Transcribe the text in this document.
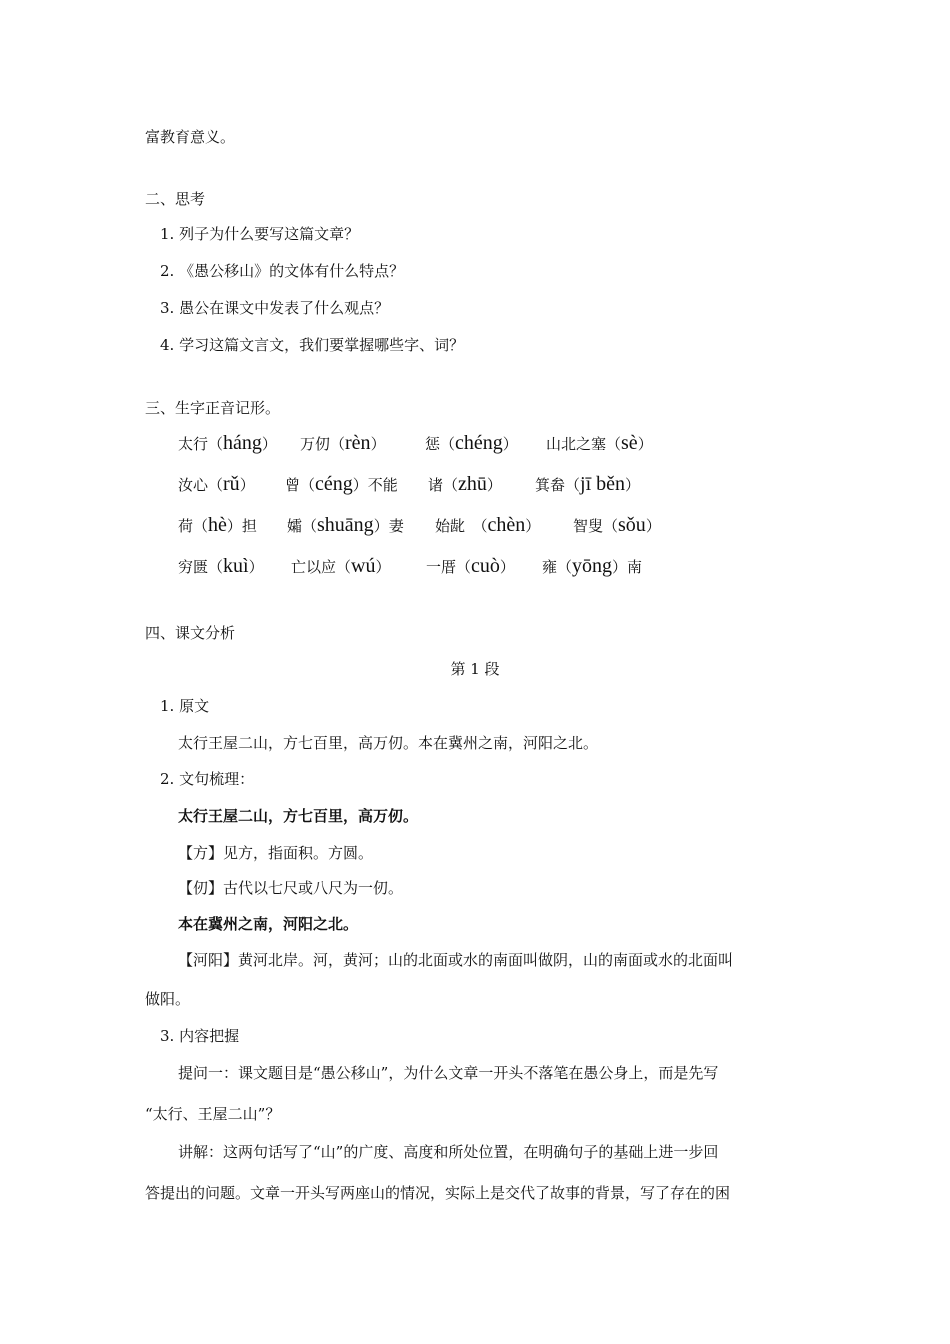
富教育意义。
二、思考
1. 列子为什么要写这篇文章？
2. 《愚公移山》的文体有什么特点？
3. 愚公在课文中发表了什么观点？
4. 学习这篇文言文，我们要掌握哪些字、词？
三、生字正音记形。
太行（háng） 万仞（rèn）	惩（chéng） 山北之塞（sè）
汝心（rǔ） 曾（céng）不能 诸（zhū） 箕畚（jī běn）
荷（hè）担 孀（shuāng）妻 始龀　（chèn） 智叟（sǒu）
穷匮（kuì） 亡以应（wú） 一厝（cuò） 雍（yōng）南
四、课文分析
第 1 段
1. 原文
太行王屋二山，方七百里，高万仞。本在冀州之南，河阳之北。
2. 文句梳理：
太行王屋二山，方七百里，高万仞。
【方】见方，指面积。方圆。
【仞】古代以七尺或八尺为一仞。
本在冀州之南，河阳之北。
【河阳】黄河北岸。河，黄河；山的北面或水的南面叫做阴，山的南面或水的北面叫
做阳。
3. 内容把握
提问一：课文题目是“愚公移山”，为什么文章一开头不落笔在愚公身上，而是先写
“太行、王屋二山”？
讲解：这两句话写了“山”的广度、高度和所处位置，在明确句子的基础上进一步回
答提出的问题。文章一开头写两座山的情况，实际上是交代了故事的背景，写了存在的困
